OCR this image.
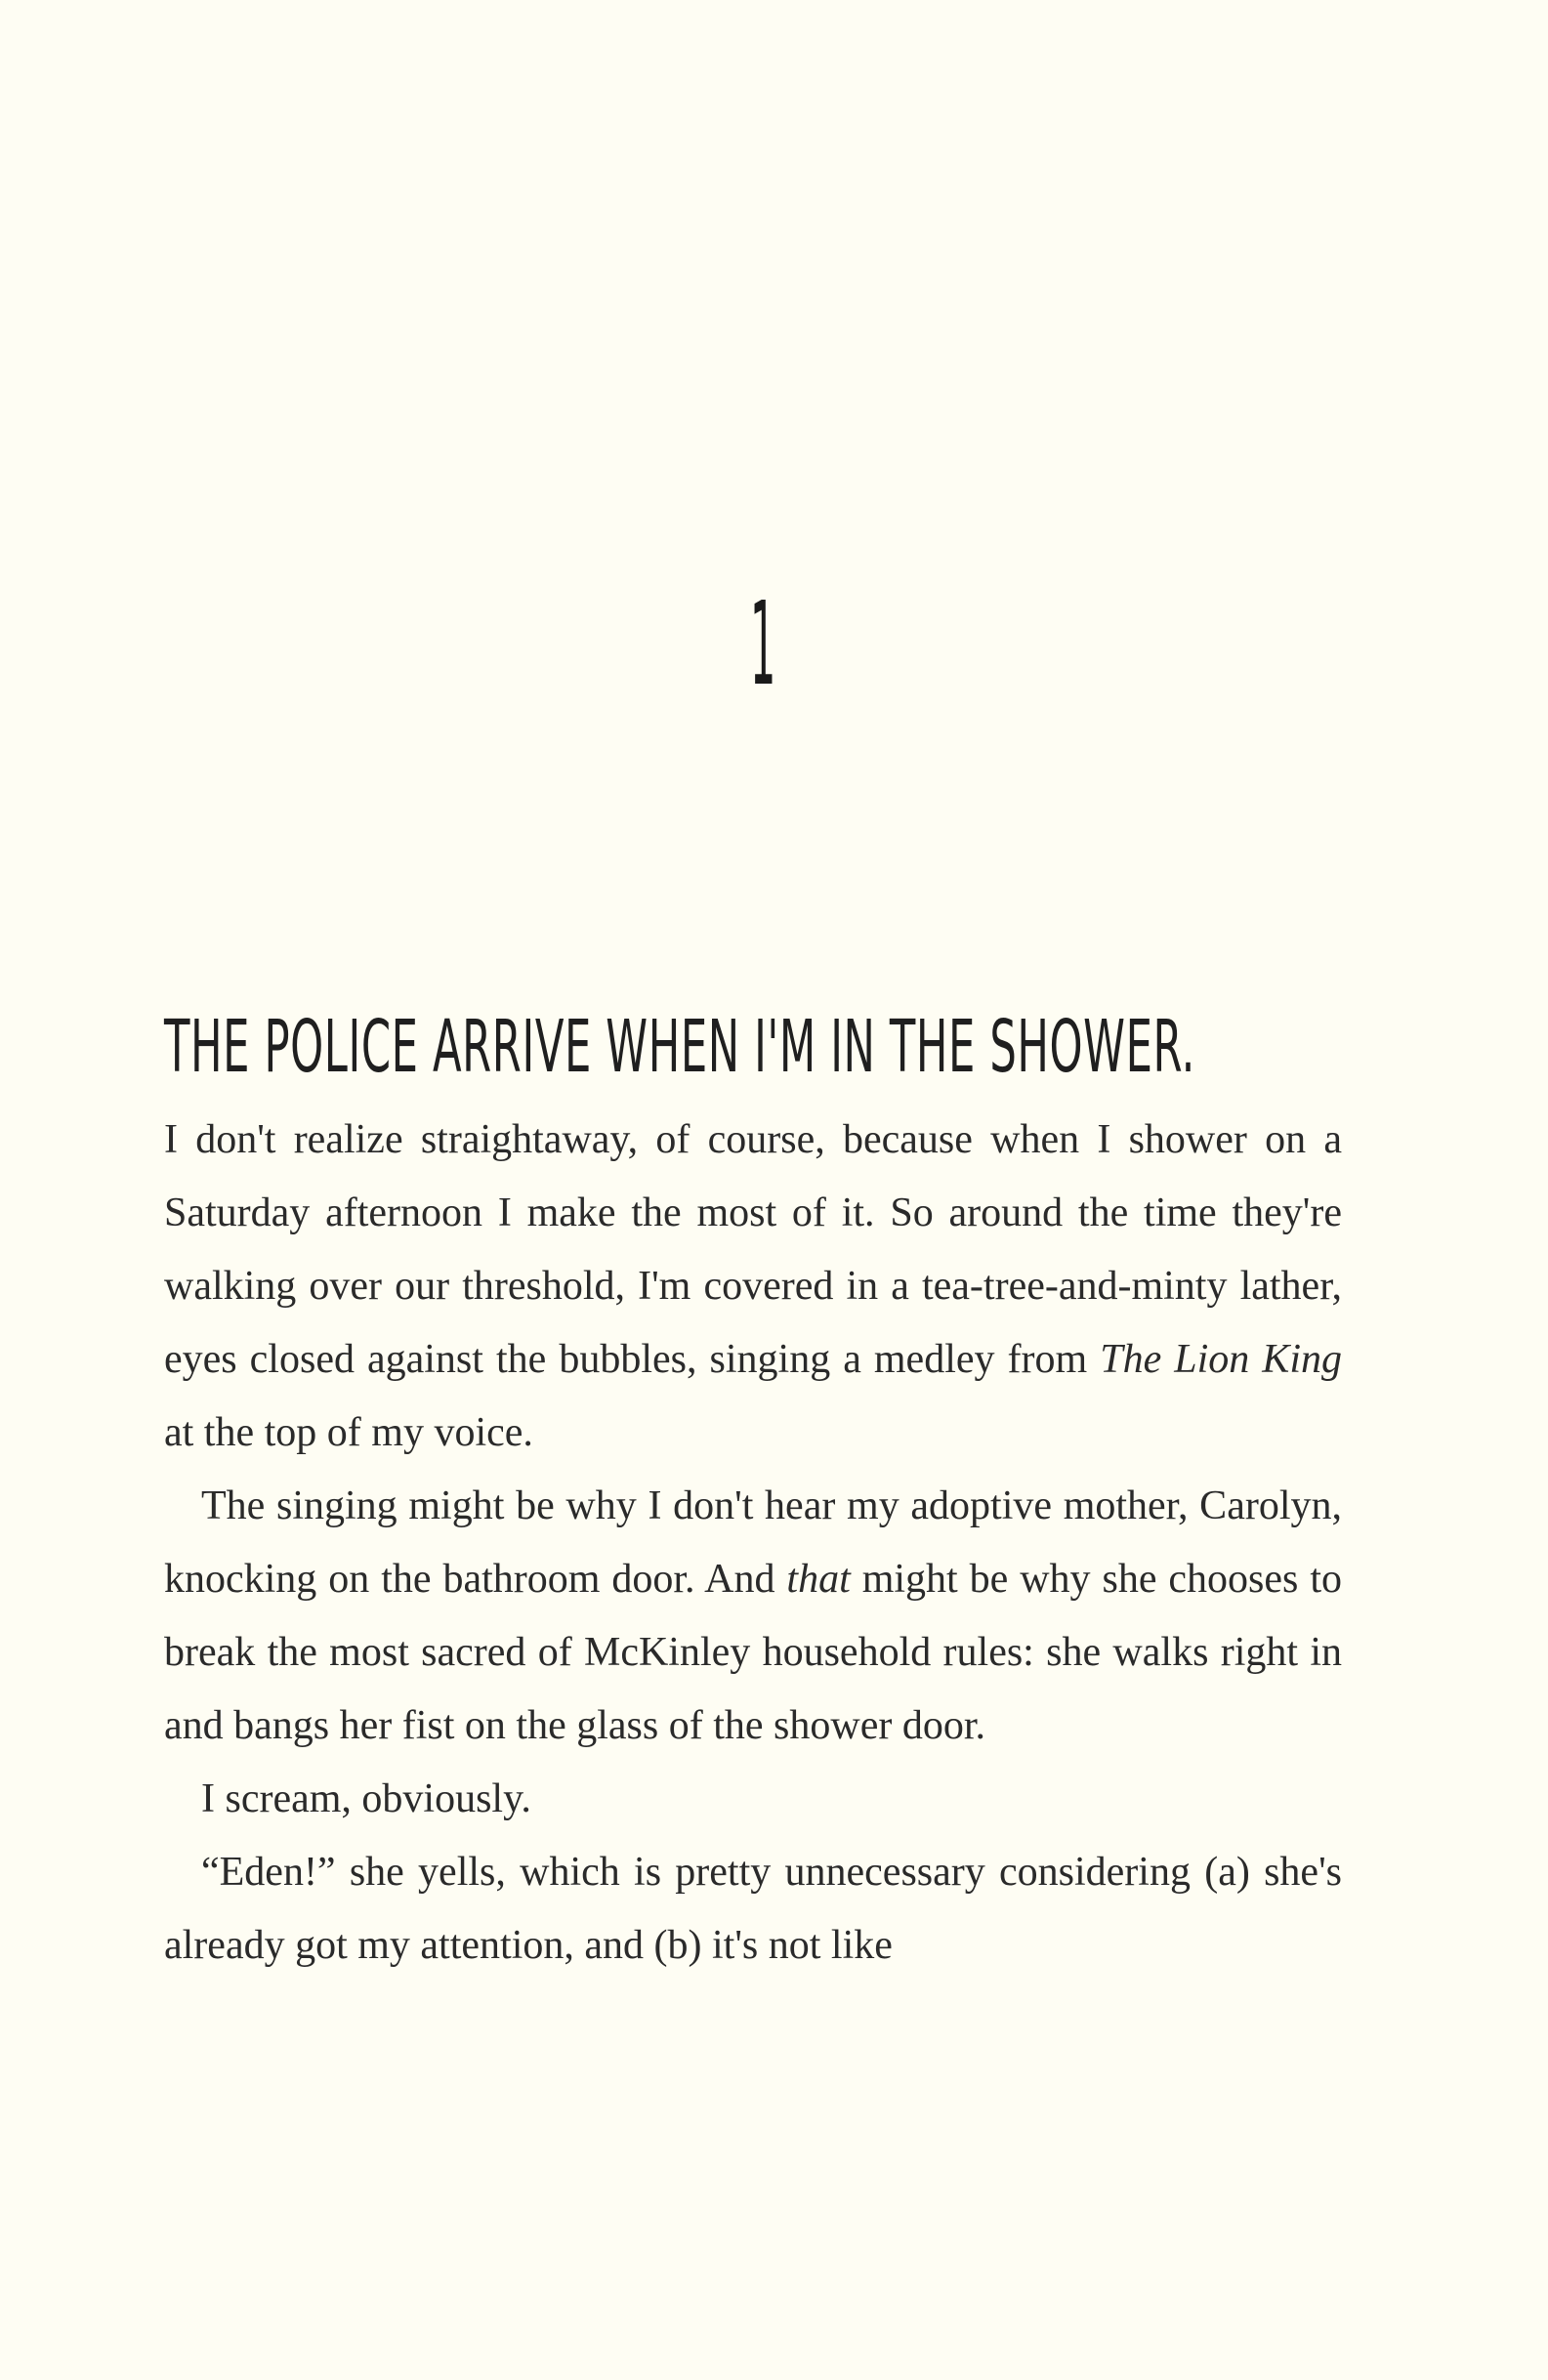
1
THE POLICE ARRIVE WHEN I'M IN THE SHOWER.

I don't realize straightaway, of course, because when I shower on a Saturday afternoon I make the most of it. So around the time they're walking over our threshold, I'm covered in a tea-tree-and-minty lather, eyes closed against the bubbles, singing a medley from The Lion King at the top of my voice.

The singing might be why I don't hear my adoptive mother, Carolyn, knocking on the bathroom door. And that might be why she chooses to break the most sacred of McKinley household rules: she walks right in and bangs her fist on the glass of the shower door.

I scream, obviously.

“Eden!” she yells, which is pretty unnecessary considering (a) she's already got my attention, and (b) it's not like
